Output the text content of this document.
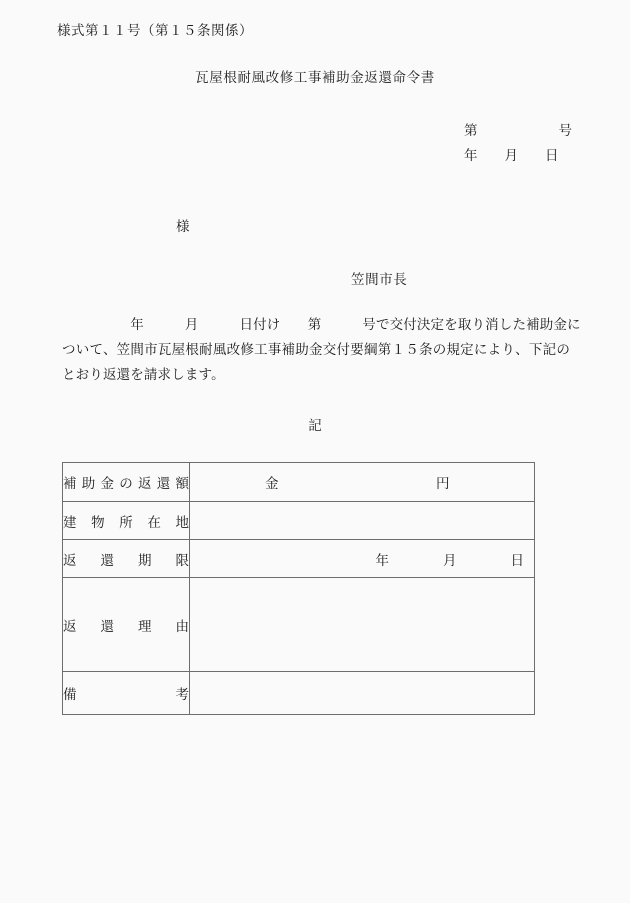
様式第１１号（第１５条関係）
瓦屋根耐風改修工事補助金返還命令書
第　　　　　　号
年　　月　　日
様
笠間市長
　　　　　年　　　月　　　日付け　　第　　　号で交付決定を取り消した補助金について、笠間市瓦屋根耐風改修工事補助金交付要綱第１５条の規定により、下記のとおり返還を請求します。
記
補 助 金 の 返 還 額	金	円

建 物 所 在 地	

返 還 期 限	年　　　　月　　　　日

返 還 理 由	

備 考	
